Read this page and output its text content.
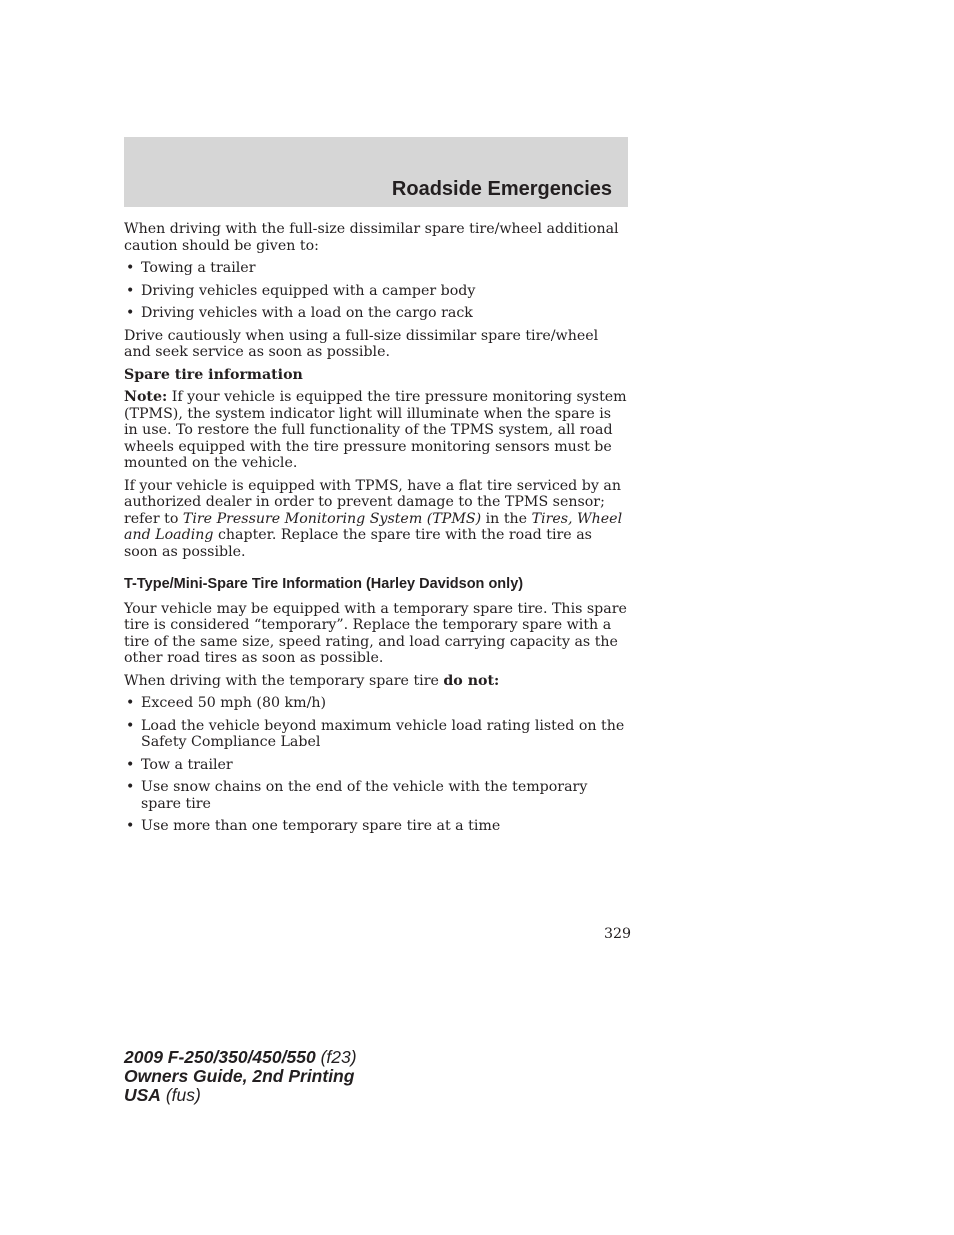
Roadside Emergencies

When driving with the full-size dissimilar spare tire/wheel additional caution should be given to:

• Towing a trailer
• Driving vehicles equipped with a camper body
• Driving vehicles with a load on the cargo rack

Drive cautiously when using a full-size dissimilar spare tire/wheel and seek service as soon as possible.

Spare tire information

Note: If your vehicle is equipped the tire pressure monitoring system (TPMS), the system indicator light will illuminate when the spare is in use. To restore the full functionality of the TPMS system, all road wheels equipped with the tire pressure monitoring sensors must be mounted on the vehicle.

If your vehicle is equipped with TPMS, have a flat tire serviced by an authorized dealer in order to prevent damage to the TPMS sensor; refer to Tire Pressure Monitoring System (TPMS) in the Tires, Wheel and Loading chapter. Replace the spare tire with the road tire as soon as possible.

T-Type/Mini-Spare Tire Information (Harley Davidson only)

Your vehicle may be equipped with a temporary spare tire. This spare tire is considered “temporary”. Replace the temporary spare with a tire of the same size, speed rating, and load carrying capacity as the other road tires as soon as possible.

When driving with the temporary spare tire do not:

• Exceed 50 mph (80 km/h)
• Load the vehicle beyond maximum vehicle load rating listed on the Safety Compliance Label
• Tow a trailer
• Use snow chains on the end of the vehicle with the temporary spare tire
• Use more than one temporary spare tire at a time
329
2009 F-250/350/450/550 (f23)
Owners Guide, 2nd Printing
USA (fus)
